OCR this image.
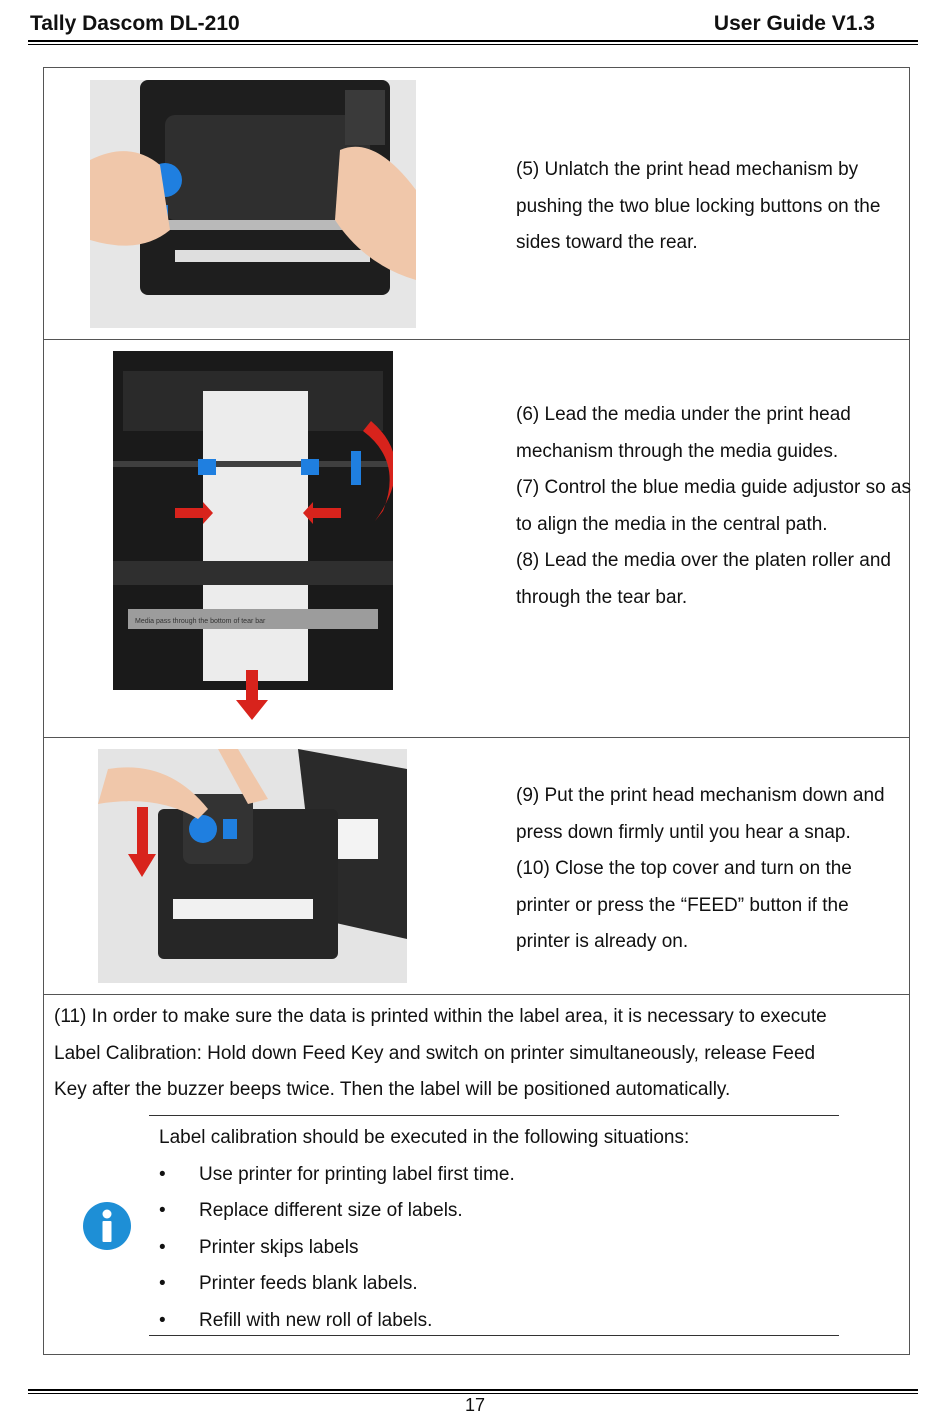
Tally Dascom DL-210	User Guide V1.3
(5) Unlatch the print head mechanism by
pushing the two blue locking buttons on the
sides toward the rear.
Media pass through the bottom of tear bar
(6) Lead the media under the print head
mechanism through the media guides.
(7) Control the blue media guide adjustor so as
to align the media in the central path.
(8) Lead the media over the platen roller and
through the tear bar.
(9) Put the print head mechanism down and
press down firmly until you hear a snap.
(10) Close the top cover and turn on the
printer or press the “FEED” button if the
printer is already on.
(11) In order to make sure the data is printed within the label area, it is necessary to execute
Label Calibration: Hold down Feed Key and switch on printer simultaneously, release Feed
Key after the buzzer beeps twice. Then the label will be positioned automatically.
Label calibration should be executed in the following situations:
• Use printer for printing label first time.
• Replace different size of labels.
• Printer skips labels
• Printer feeds blank labels.
• Refill with new roll of labels.
17
